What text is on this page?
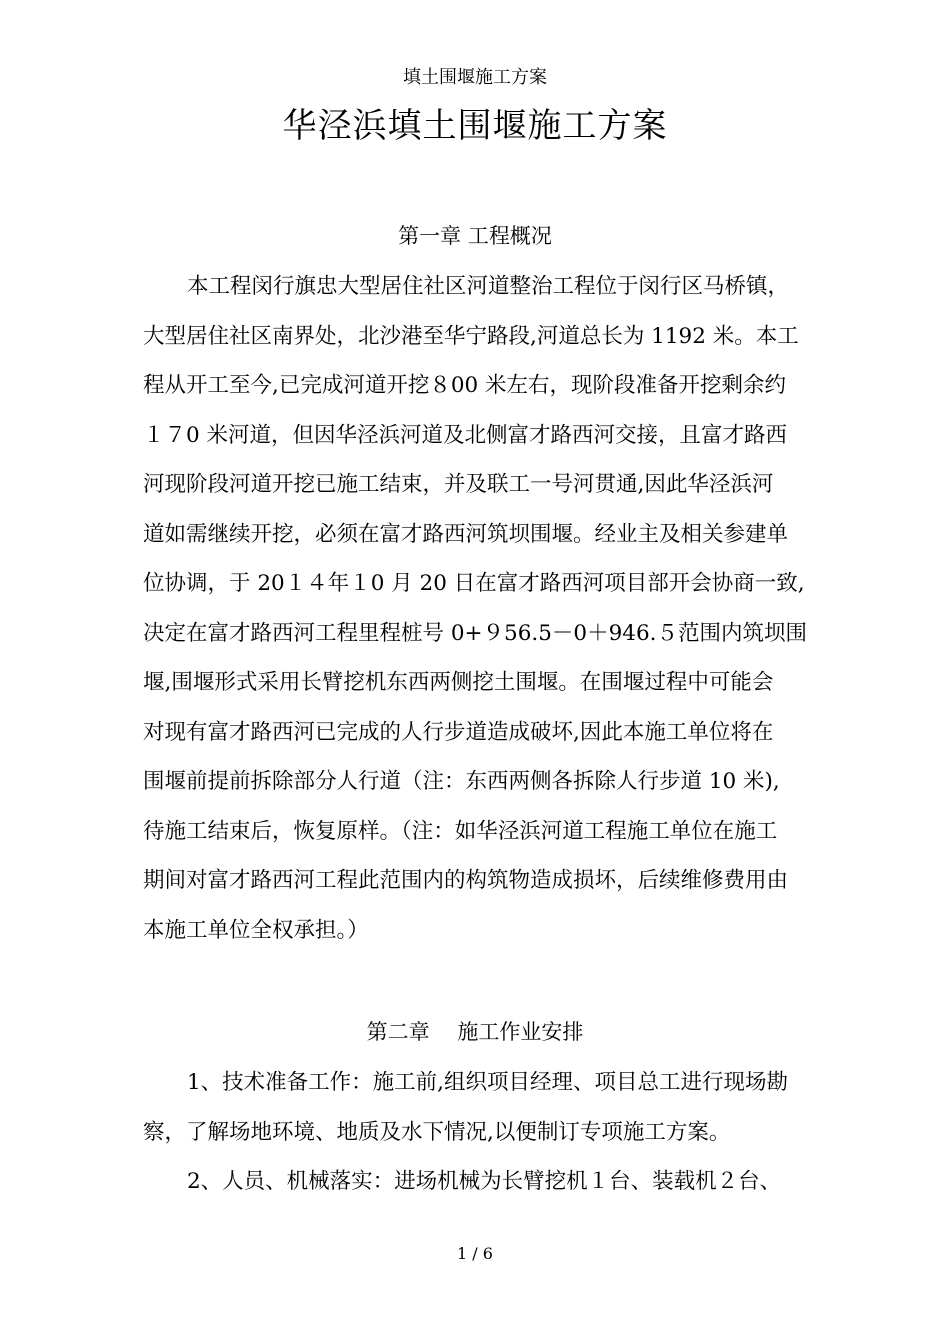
填土围堰施工方案
华泾浜填土围堰施工方案
第一章 工程概况
本工程闵行旗忠大型居住社区河道整治工程位于闵行区马桥镇，
大型居住社区南界处，北沙港至华宁路段,河道总长为 1192 米。本工
程从开工至今,已完成河道开挖８00 米左右，现阶段准备开挖剩余约
１７0 米河道，但因华泾浜河道及北侧富才路西河交接，且富才路西
河现阶段河道开挖已施工结束，并及联工一号河贯通,因此华泾浜河
道如需继续开挖，必须在富才路西河筑坝围堰。经业主及相关参建单
位协调，于 20１４年１0 月 20 日在富才路西河项目部开会协商一致,
决定在富才路西河工程里程桩号 0+９56.5－0＋946.５范围内筑坝围
堰,围堰形式采用长臂挖机东西两侧挖土围堰。在围堰过程中可能会
对现有富才路西河已完成的人行步道造成破坏,因此本施工单位将在
围堰前提前拆除部分人行道（注：东西两侧各拆除人行步道 10 米),
待施工结束后，恢复原样。（注：如华泾浜河道工程施工单位在施工
期间对富才路西河工程此范围内的构筑物造成损坏，后续维修费用由
本施工单位全权承担。）
第二章　 施工作业安排
1、技术准备工作：施工前,组织项目经理、项目总工进行现场勘
察，了解场地环境、地质及水下情况,以便制订专项施工方案。
2、人员、机械落实：进场机械为长臂挖机１台、装载机２台、
1 / 6
